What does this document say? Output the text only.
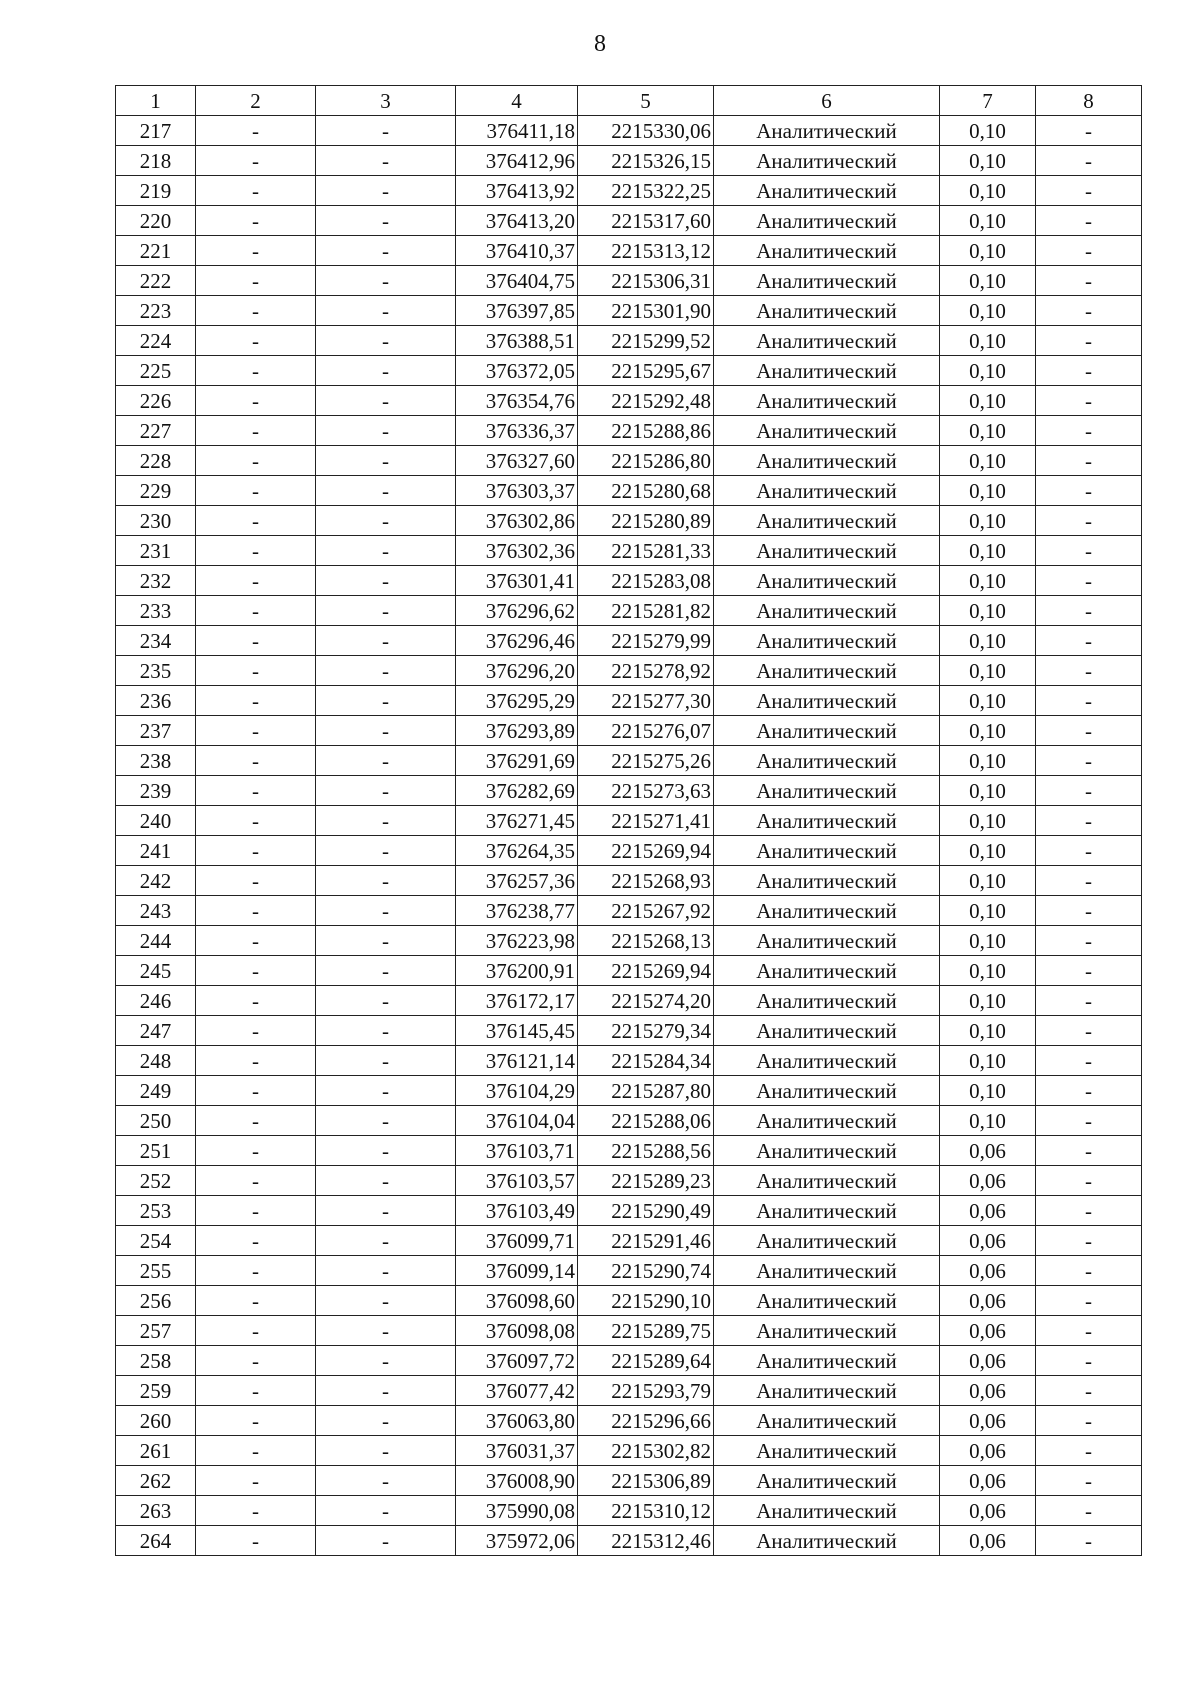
8
1	2	3	4	5	6	7	8
217	-	-	376411,18	2215330,06	Аналитический	0,10	-
218	-	-	376412,96	2215326,15	Аналитический	0,10	-
219	-	-	376413,92	2215322,25	Аналитический	0,10	-
220	-	-	376413,20	2215317,60	Аналитический	0,10	-
221	-	-	376410,37	2215313,12	Аналитический	0,10	-
222	-	-	376404,75	2215306,31	Аналитический	0,10	-
223	-	-	376397,85	2215301,90	Аналитический	0,10	-
224	-	-	376388,51	2215299,52	Аналитический	0,10	-
225	-	-	376372,05	2215295,67	Аналитический	0,10	-
226	-	-	376354,76	2215292,48	Аналитический	0,10	-
227	-	-	376336,37	2215288,86	Аналитический	0,10	-
228	-	-	376327,60	2215286,80	Аналитический	0,10	-
229	-	-	376303,37	2215280,68	Аналитический	0,10	-
230	-	-	376302,86	2215280,89	Аналитический	0,10	-
231	-	-	376302,36	2215281,33	Аналитический	0,10	-
232	-	-	376301,41	2215283,08	Аналитический	0,10	-
233	-	-	376296,62	2215281,82	Аналитический	0,10	-
234	-	-	376296,46	2215279,99	Аналитический	0,10	-
235	-	-	376296,20	2215278,92	Аналитический	0,10	-
236	-	-	376295,29	2215277,30	Аналитический	0,10	-
237	-	-	376293,89	2215276,07	Аналитический	0,10	-
238	-	-	376291,69	2215275,26	Аналитический	0,10	-
239	-	-	376282,69	2215273,63	Аналитический	0,10	-
240	-	-	376271,45	2215271,41	Аналитический	0,10	-
241	-	-	376264,35	2215269,94	Аналитический	0,10	-
242	-	-	376257,36	2215268,93	Аналитический	0,10	-
243	-	-	376238,77	2215267,92	Аналитический	0,10	-
244	-	-	376223,98	2215268,13	Аналитический	0,10	-
245	-	-	376200,91	2215269,94	Аналитический	0,10	-
246	-	-	376172,17	2215274,20	Аналитический	0,10	-
247	-	-	376145,45	2215279,34	Аналитический	0,10	-
248	-	-	376121,14	2215284,34	Аналитический	0,10	-
249	-	-	376104,29	2215287,80	Аналитический	0,10	-
250	-	-	376104,04	2215288,06	Аналитический	0,10	-
251	-	-	376103,71	2215288,56	Аналитический	0,06	-
252	-	-	376103,57	2215289,23	Аналитический	0,06	-
253	-	-	376103,49	2215290,49	Аналитический	0,06	-
254	-	-	376099,71	2215291,46	Аналитический	0,06	-
255	-	-	376099,14	2215290,74	Аналитический	0,06	-
256	-	-	376098,60	2215290,10	Аналитический	0,06	-
257	-	-	376098,08	2215289,75	Аналитический	0,06	-
258	-	-	376097,72	2215289,64	Аналитический	0,06	-
259	-	-	376077,42	2215293,79	Аналитический	0,06	-
260	-	-	376063,80	2215296,66	Аналитический	0,06	-
261	-	-	376031,37	2215302,82	Аналитический	0,06	-
262	-	-	376008,90	2215306,89	Аналитический	0,06	-
263	-	-	375990,08	2215310,12	Аналитический	0,06	-
264	-	-	375972,06	2215312,46	Аналитический	0,06	-
